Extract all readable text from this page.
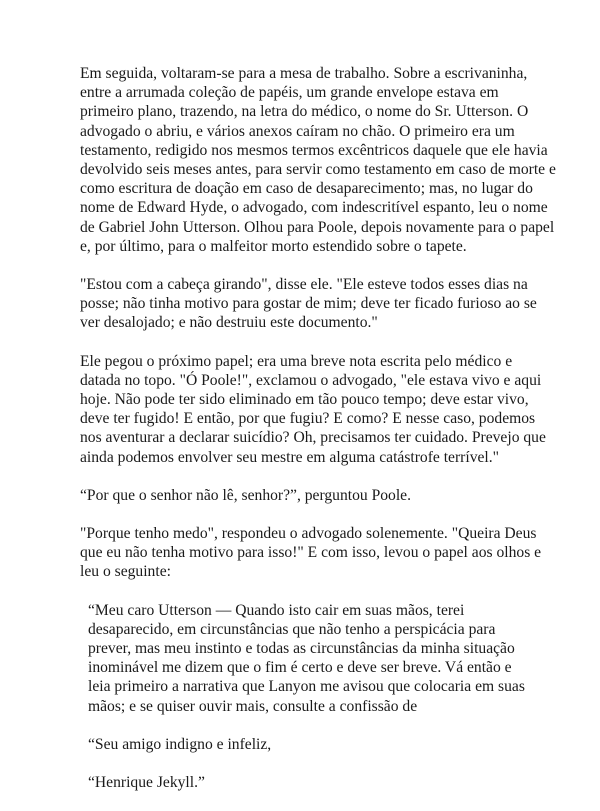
Em seguida, voltaram-se para a mesa de trabalho. Sobre a escrivaninha,
entre a arrumada coleção de papéis, um grande envelope estava em
primeiro plano, trazendo, na letra do médico, o nome do Sr. Utterson. O
advogado o abriu, e vários anexos caíram no chão. O primeiro era um
testamento, redigido nos mesmos termos excêntricos daquele que ele havia
devolvido seis meses antes, para servir como testamento em caso de morte e
como escritura de doação em caso de desaparecimento; mas, no lugar do
nome de Edward Hyde, o advogado, com indescritível espanto, leu o nome
de Gabriel John Utterson. Olhou para Poole, depois novamente para o papel
e, por último, para o malfeitor morto estendido sobre o tapete.

"Estou com a cabeça girando", disse ele. "Ele esteve todos esses dias na
posse; não tinha motivo para gostar de mim; deve ter ficado furioso ao se
ver desalojado; e não destruiu este documento."

Ele pegou o próximo papel; era uma breve nota escrita pelo médico e
datada no topo. "Ó Poole!", exclamou o advogado, "ele estava vivo e aqui
hoje. Não pode ter sido eliminado em tão pouco tempo; deve estar vivo,
deve ter fugido! E então, por que fugiu? E como? E nesse caso, podemos
nos aventurar a declarar suicídio? Oh, precisamos ter cuidado. Prevejo que
ainda podemos envolver seu mestre em alguma catástrofe terrível."

“Por que o senhor não lê, senhor?”, perguntou Poole.

"Porque tenho medo", respondeu o advogado solenemente. "Queira Deus
que eu não tenha motivo para isso!" E com isso, levou o papel aos olhos e
leu o seguinte:

“Meu caro Utterson — Quando isto cair em suas mãos, terei
desaparecido, em circunstâncias que não tenho a perspicácia para
prever, mas meu instinto e todas as circunstâncias da minha situação
inominável me dizem que o fim é certo e deve ser breve. Vá então e
leia primeiro a narrativa que Lanyon me avisou que colocaria em suas
mãos; e se quiser ouvir mais, consulte a confissão de

“Seu amigo indigno e infeliz,

“Henrique Jekyll.”
